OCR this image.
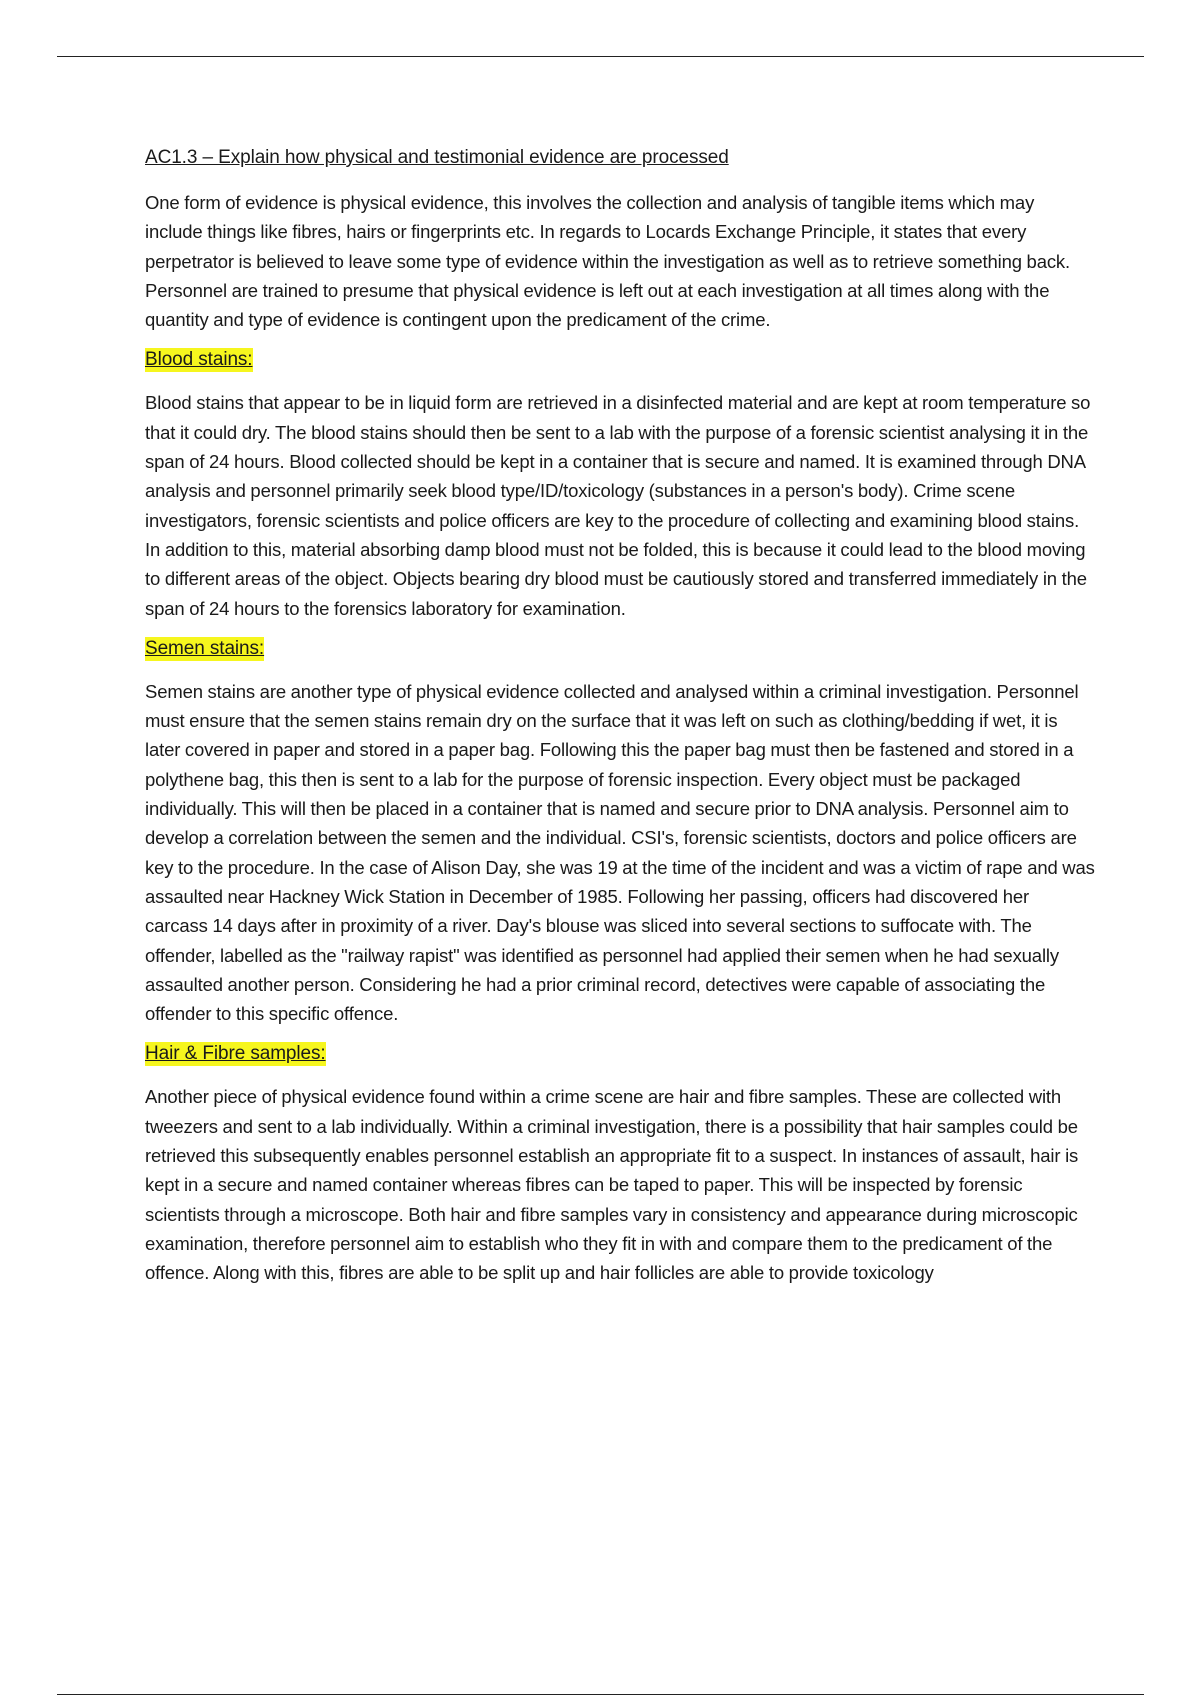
AC1.3 – Explain how physical and testimonial evidence are processed

One form of evidence is physical evidence, this involves the collection and analysis of tangible items which may include things like fibres, hairs or fingerprints etc. In regards to Locards Exchange Principle, it states that every perpetrator is believed to leave some type of evidence within the investigation as well as to retrieve something back. Personnel are trained to presume that physical evidence is left out at each investigation at all times along with the quantity and type of evidence is contingent upon the predicament of the crime.

Blood stains:

Blood stains that appear to be in liquid form are retrieved in a disinfected material and are kept at room temperature so that it could dry. The blood stains should then be sent to a lab with the purpose of a forensic scientist analysing it in the span of 24 hours. Blood collected should be kept in a container that is secure and named. It is examined through DNA analysis and personnel primarily seek blood type/ID/toxicology (substances in a person's body). Crime scene investigators, forensic scientists and police officers are key to the procedure of collecting and examining blood stains. In addition to this, material absorbing damp blood must not be folded, this is because it could lead to the blood moving to different areas of the object. Objects bearing dry blood must be cautiously stored and transferred immediately in the span of 24 hours to the forensics laboratory for examination.

Semen stains:

Semen stains are another type of physical evidence collected and analysed within a criminal investigation. Personnel must ensure that the semen stains remain dry on the surface that it was left on such as clothing/bedding if wet, it is later covered in paper and stored in a paper bag. Following this the paper bag must then be fastened and stored in a polythene bag, this then is sent to a lab for the purpose of forensic inspection. Every object must be packaged individually. This will then be placed in a container that is named and secure prior to DNA analysis. Personnel aim to develop a correlation between the semen and the individual. CSI's, forensic scientists, doctors and police officers are key to the procedure. In the case of Alison Day, she was 19 at the time of the incident and was a victim of rape and was assaulted near Hackney Wick Station in December of 1985. Following her passing, officers had discovered her carcass 14 days after in proximity of a river. Day's blouse was sliced into several sections to suffocate with. The offender, labelled as the "railway rapist" was identified as personnel had applied their semen when he had sexually assaulted another person. Considering he had a prior criminal record, detectives were capable of associating the offender to this specific offence.

Hair & Fibre samples:

Another piece of physical evidence found within a crime scene are hair and fibre samples. These are collected with tweezers and sent to a lab individually. Within a criminal investigation, there is a possibility that hair samples could be retrieved this subsequently enables personnel establish an appropriate fit to a suspect. In instances of assault, hair is kept in a secure and named container whereas fibres can be taped to paper. This will be inspected by forensic scientists through a microscope. Both hair and fibre samples vary in consistency and appearance during microscopic examination, therefore personnel aim to establish who they fit in with and compare them to the predicament of the offence. Along with this, fibres are able to be split up and hair follicles are able to provide toxicology
